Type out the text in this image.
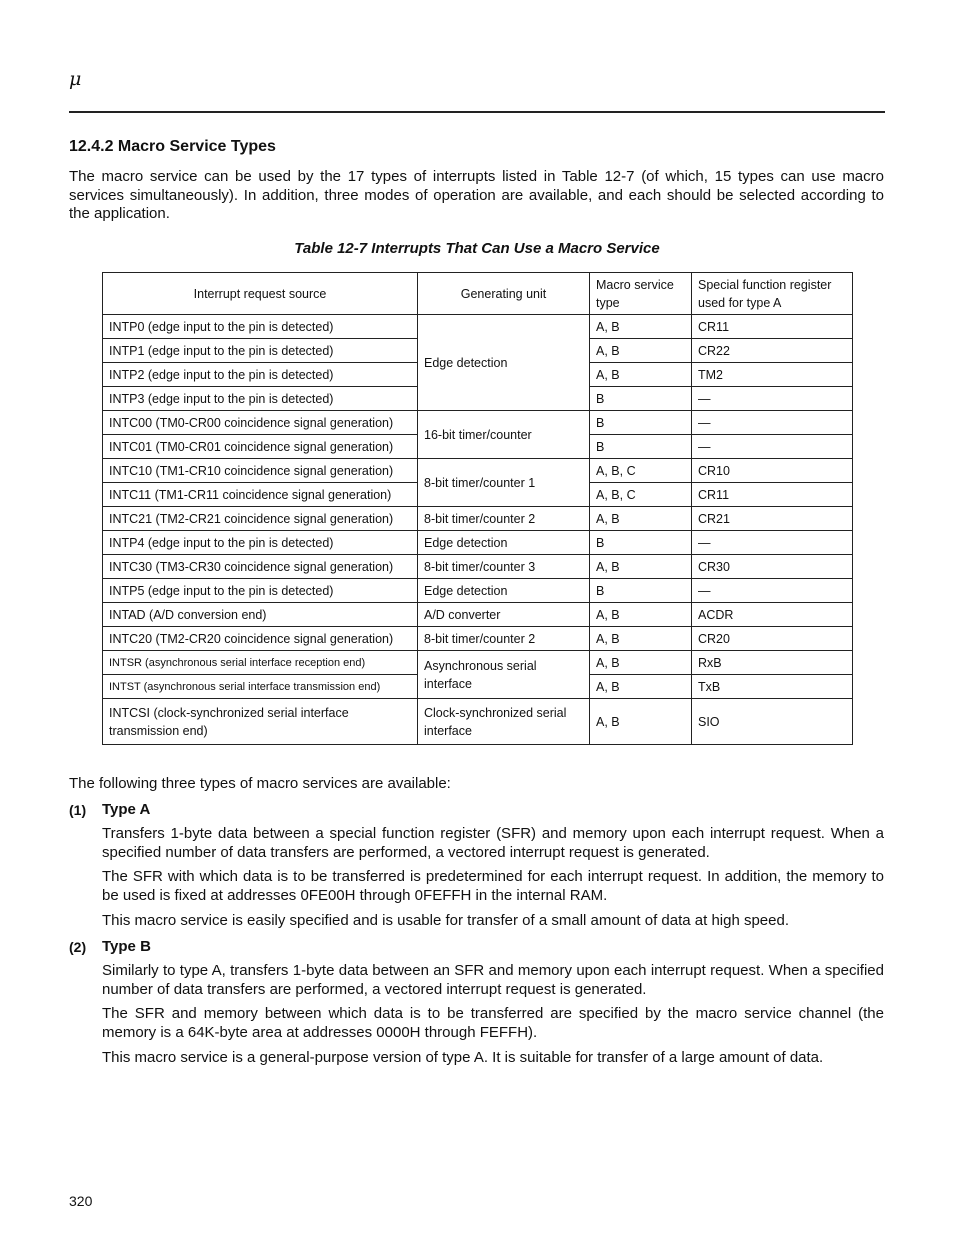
μ
12.4.2 Macro Service Types

The macro service can be used by the 17 types of interrupts listed in Table 12-7 (of which, 15 types can use macro services simultaneously). In addition, three modes of operation are available, and each should be selected according to the application.

Table 12-7 Interrupts That Can Use a Macro Service
Interrupt request source	Generating unit	Macro service type	Special function register used for type A
INTP0 (edge input to the pin is detected)	Edge detection	A, B	CR11
INTP1 (edge input to the pin is detected)		A, B	CR22
INTP2 (edge input to the pin is detected)		A, B	TM2
INTP3 (edge input to the pin is detected)		B	—
INTC00 (TM0-CR00 coincidence signal generation)	16-bit timer/counter	B	—
INTC01 (TM0-CR01 coincidence signal generation)		B	—
INTC10 (TM1-CR10 coincidence signal generation)	8-bit timer/counter 1	A, B, C	CR10
INTC11 (TM1-CR11 coincidence signal generation)		A, B, C	CR11
INTC21 (TM2-CR21 coincidence signal generation)	8-bit timer/counter 2	A, B	CR21
INTP4 (edge input to the pin is detected)	Edge detection	B	—
INTC30 (TM3-CR30 coincidence signal generation)	8-bit timer/counter 3	A, B	CR30
INTP5 (edge input to the pin is detected)	Edge detection	B	—
INTAD (A/D conversion end)	A/D converter	A, B	ACDR
INTC20 (TM2-CR20 coincidence signal generation)	8-bit timer/counter 2	A, B	CR20
INTSR (asynchronous serial interface reception end)	Asynchronous serial interface	A, B	RxB
INTST (asynchronous serial interface transmission end)		A, B	TxB
INTCSI (clock-synchronized serial interface transmission end)	Clock-synchronized serial interface	A, B	SIO

The following three types of macro services are available:

(1) Type A

Transfers 1-byte data between a special function register (SFR) and memory upon each interrupt request. When a specified number of data transfers are performed, a vectored interrupt request is generated.

The SFR with which data is to be transferred is predetermined for each interrupt request. In addition, the memory to be used is fixed at addresses 0FE00H through 0FEFFH in the internal RAM.

This macro service is easily specified and is usable for transfer of a small amount of data at high speed.

(2) Type B

Similarly to type A, transfers 1-byte data between an SFR and memory upon each interrupt request. When a specified number of data transfers are performed, a vectored interrupt request is generated.

The SFR and memory between which data is to be transferred are specified by the macro service channel (the memory is a 64K-byte area at addresses 0000H through FEFFH).

This macro service is a general-purpose version of type A. It is suitable for transfer of a large amount of data.

320
